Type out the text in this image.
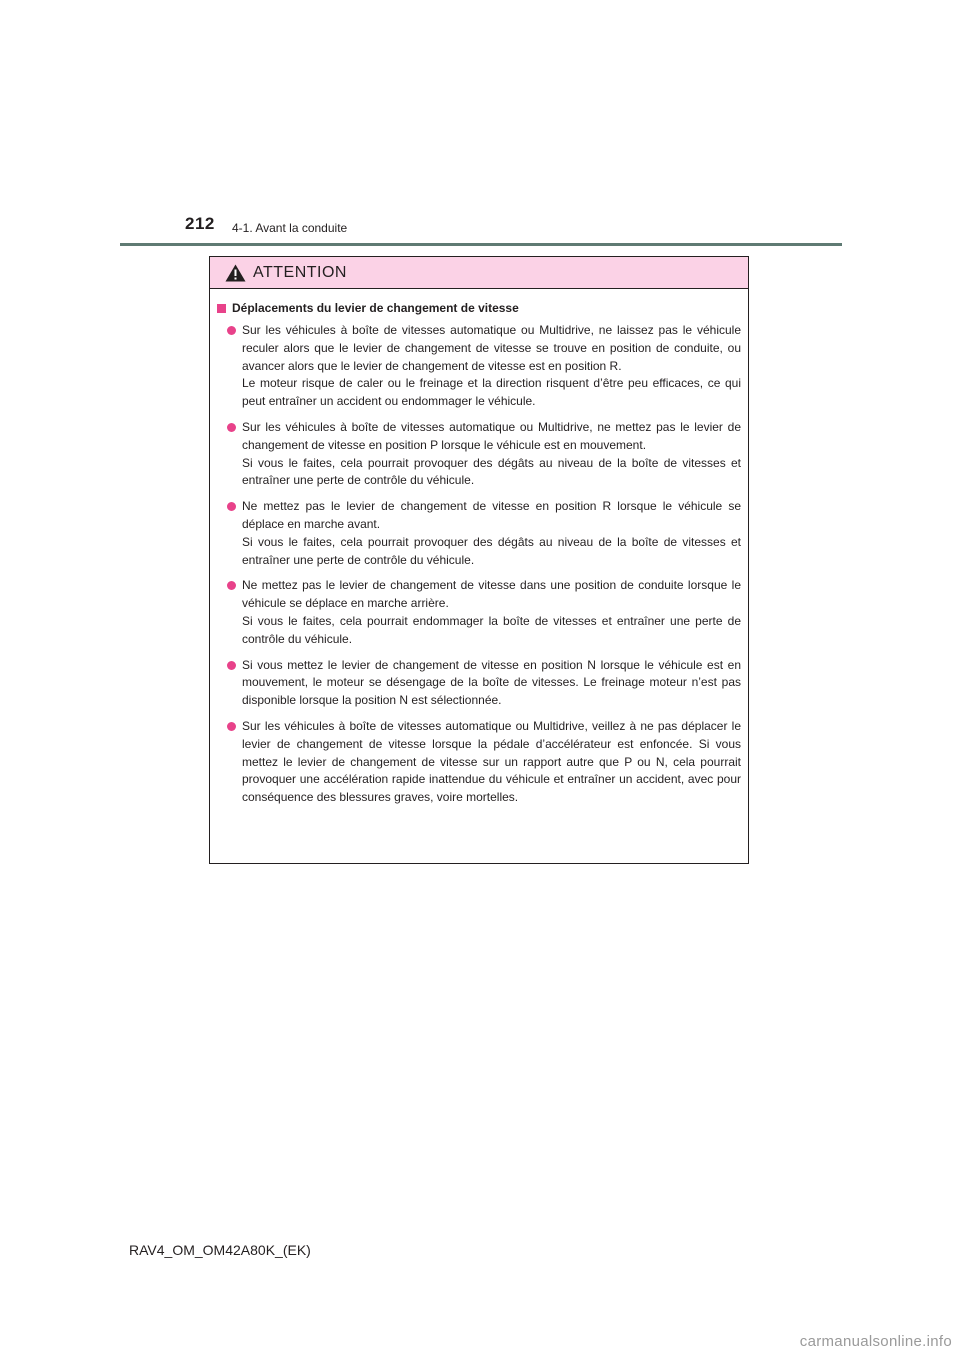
212 4-1. Avant la conduite
ATTENTION
Déplacements du levier de changement de vitesse

Sur les véhicules à boîte de vitesses automatique ou Multidrive, ne laissez pas le véhicule reculer alors que le levier de changement de vitesse se trouve en position de conduite, ou avancer alors que le levier de changement de vitesse est en position R.

Le moteur risque de caler ou le freinage et la direction risquent d’être peu efficaces, ce qui peut entraîner un accident ou endommager le véhicule.

Sur les véhicules à boîte de vitesses automatique ou Multidrive, ne mettez pas le levier de changement de vitesse en position P lorsque le véhicule est en mouvement.

Si vous le faites, cela pourrait provoquer des dégâts au niveau de la boîte de vitesses et entraîner une perte de contrôle du véhicule.

Ne mettez pas le levier de changement de vitesse en position R lorsque le véhicule se déplace en marche avant.

Si vous le faites, cela pourrait provoquer des dégâts au niveau de la boîte de vitesses et entraîner une perte de contrôle du véhicule.

Ne mettez pas le levier de changement de vitesse dans une position de conduite lorsque le véhicule se déplace en marche arrière.

Si vous le faites, cela pourrait endommager la boîte de vitesses et entraîner une perte de contrôle du véhicule.

Si vous mettez le levier de changement de vitesse en position N lorsque le véhicule est en mouvement, le moteur se désengage de la boîte de vitesses. Le freinage moteur n’est pas disponible lorsque la position N est sélectionnée.

Sur les véhicules à boîte de vitesses automatique ou Multidrive, veillez à ne pas déplacer le levier de changement de vitesse lorsque la pédale d’accélérateur est enfoncée. Si vous mettez le levier de changement de vitesse sur un rapport autre que P ou N, cela pourrait provoquer une accélération rapide inattendue du véhicule et entraîner un accident, avec pour conséquence des blessures graves, voire mortelles.

RAV4_OM_OM42A80K_(EK)
carmanualsonline.info
